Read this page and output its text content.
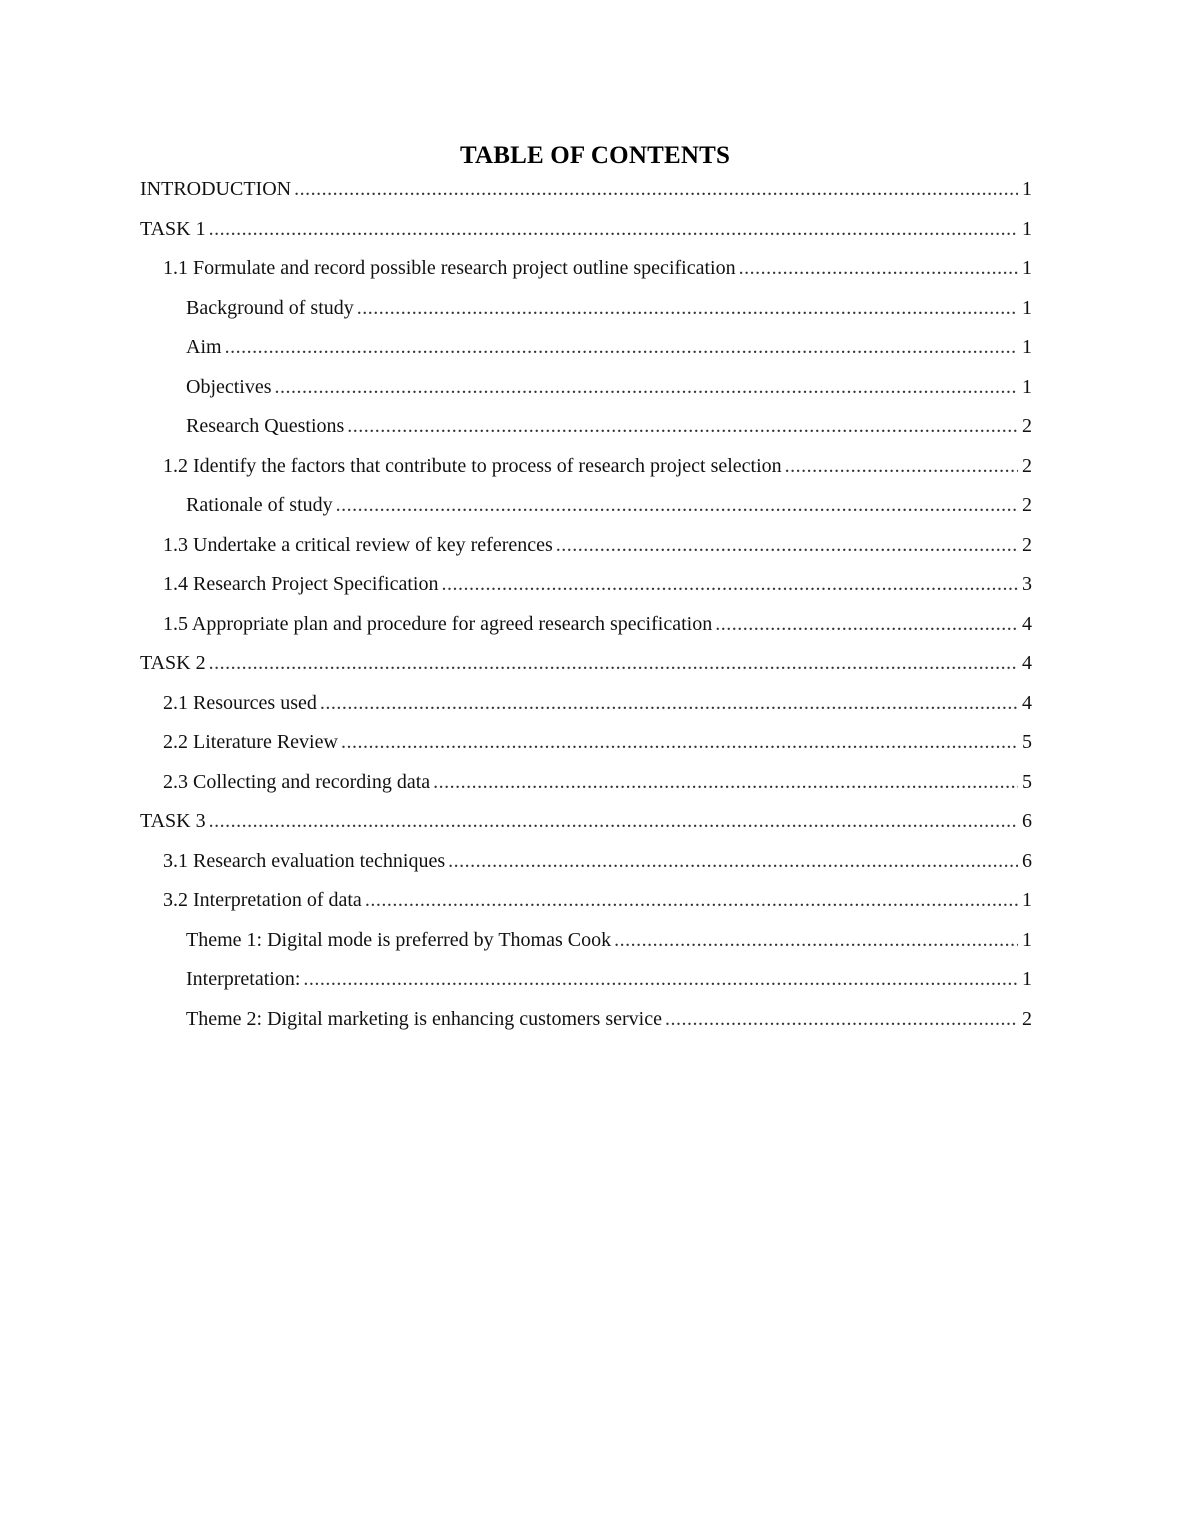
TABLE OF CONTENTS
INTRODUCTION .....	1
TASK 1 .....	1
1.1 Formulate and record possible research project outline specification .....	1
Background of study .....	1
Aim .....	1
Objectives .....	1
Research Questions .....	2
1.2 Identify the factors that contribute to process of research project selection .....	2
Rationale of study .....	2
1.3 Undertake a critical review of key references .....	2
1.4 Research Project Specification .....	3
1.5 Appropriate plan and procedure for agreed research specification .....	4
TASK 2 .....	4
2.1 Resources used .....	4
2.2 Literature Review .....	5
2.3 Collecting and recording data .....	5
TASK 3 .....	6
3.1 Research evaluation techniques .....	6
3.2 Interpretation of data .....	1
Theme 1: Digital mode is preferred by Thomas Cook .....	1
Interpretation: .....	1
Theme 2: Digital marketing is enhancing customers service .....	2
